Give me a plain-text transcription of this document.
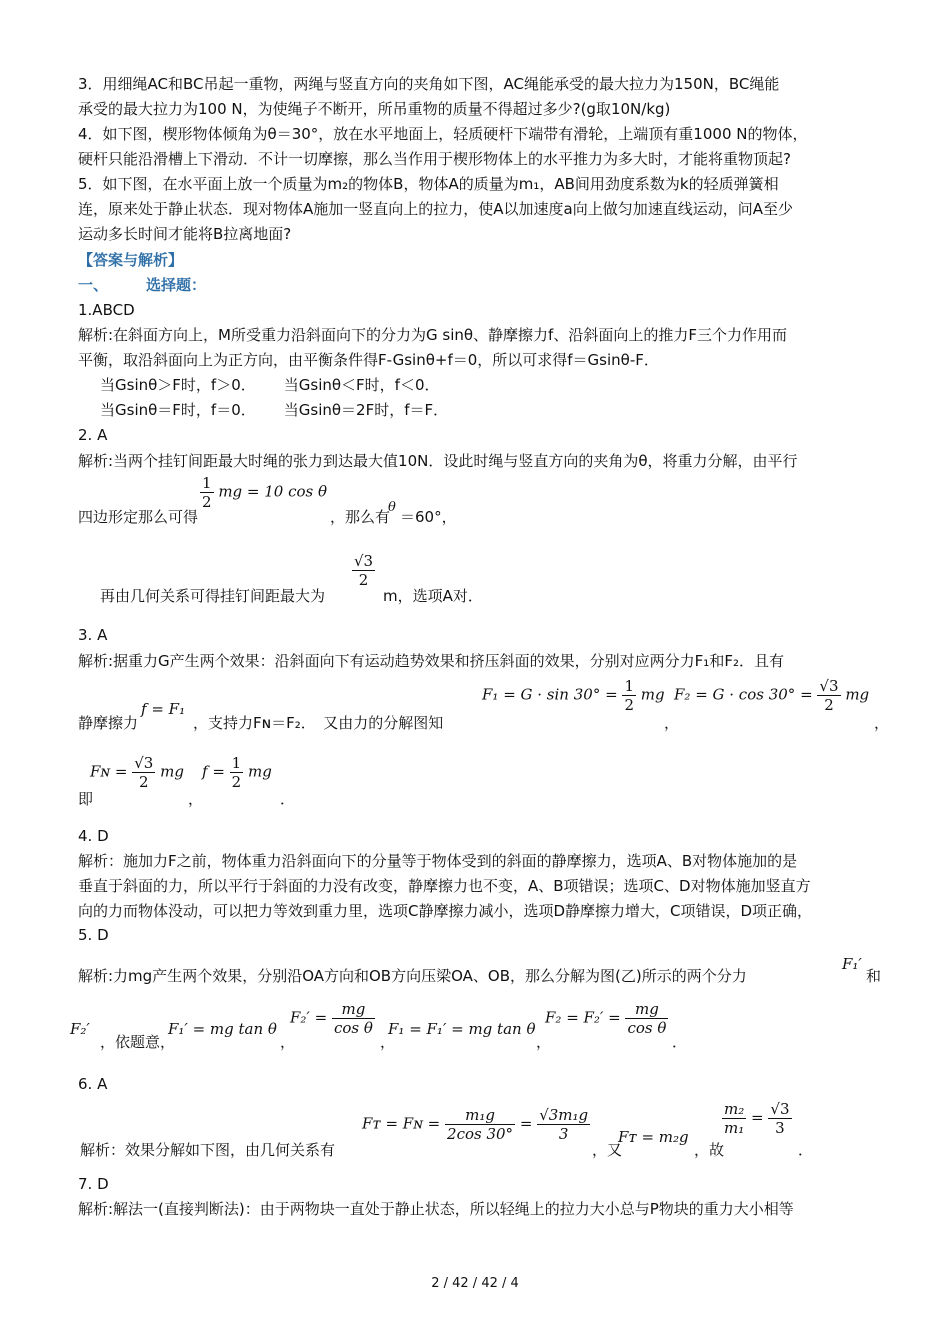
3．用细绳AC和BC吊起一重物，两绳与竖直方向的夹角如下图，AC绳能承受的最大拉力为150N，BC绳能
承受的最大拉力为100 N，为使绳子不断开，所吊重物的质量不得超过多少?(g取10N/kg)
4．如下图，楔形物体倾角为θ＝30°，放在水平地面上，轻质硬杆下端带有滑轮，上端顶有重1000 N的物体，
硬杆只能沿滑槽上下滑动．不计一切摩擦，那么当作用于楔形物体上的水平推力为多大时，才能将重物顶起?
5．如下图，在水平面上放一个质量为m₂的物体B，物体A的质量为m₁，AB间用劲度系数为k的轻质弹簧相
连，原来处于静止状态．现对物体A施加一竖直向上的拉力，使A以加速度a向上做匀加速直线运动，问A至少
运动多长时间才能将B拉离地面?
【答案与解析】
一、	选择题：
1.ABCD
解析:在斜面方向上，M所受重力沿斜面向下的分力为G sinθ、静摩擦力f、沿斜面向上的推力F三个力作用而
平衡，取沿斜面向上为正方向，由平衡条件得F-Gsinθ+f＝0，所以可求得f＝Gsinθ-F．
当Gsinθ＞F时，f＞0． 当Gsinθ＜F时，f＜0．
当Gsinθ＝F时，f＝0． 当Gsinθ＝2F时，f＝F．
2. A
解析:当两个挂钉间距最大时绳的张力到达最大值10N．设此时绳与竖直方向的夹角为θ，将重力分解，由平行
四边形定那么可得
$\frac{1}{2}$ mg = 10 cos θ
，那么有
θ
＝60°，
再由几何关系可得挂钉间距最大为
$\frac{√3}{2}$
m，选项A对．
3. A
解析:据重力G产生两个效果：沿斜面向下有运动趋势效果和挤压斜面的效果，分别对应两分力F₁和F₂．且有
静摩擦力
f = F₁
，支持力Fɴ＝F₂．　又由力的分解图知
$F_1 = G \cdot \sin 30^\circ = \frac{1}{2}$ mg
，
$F_2 = G \cdot \cos 30^\circ = \frac{√3}{2}$ mg
，
即
Fɴ = $\frac{√3}{2}$ mg
，
$f = \frac{1}{2}$ mg
．
4. D
解析：施加力F之前，物体重力沿斜面向下的分量等于物体受到的斜面的静摩擦力，选项A、B对物体施加的是
垂直于斜面的力，所以平行于斜面的力没有改变，静摩擦力也不变，A、B项错误；选项C、D对物体施加竖直方
向的力而物体没动，可以把力等效到重力里，选项C静摩擦力减小，选项D静摩擦力增大，C项错误，D项正确，
5. D
解析:力mg产生两个效果，分别沿OA方向和OB方向压梁OA、OB，那么分解为图(乙)所示的两个分力
F₁′
和
F₂′
，依题意，
F₁′ = mg tan θ
，
$F_2' = \frac{mg}{\text{cos θ}}$
，
F₁ = F₁′ = mg tan θ
，
$F_2 = F_2' = \frac{mg}{\text{cos θ}}$
．
6. A
解析：效果分解如下图，由几何关系有
Fᴛ = Fɴ = $\frac{\text{m₁g}}{2\cos 30^\circ} = \frac{\text{√3m₁g}}{3}$
，又
Fᴛ = m₂g
，故
$\frac{\text{m₂}}{\text{m₁}} = \frac{√3}{3}$
．
7. D
解析:解法一(直接判断法)：由于两物块一直处于静止状态，所以轻绳上的拉力大小总与P物块的重力大小相等
2 / 42 / 42 / 4
